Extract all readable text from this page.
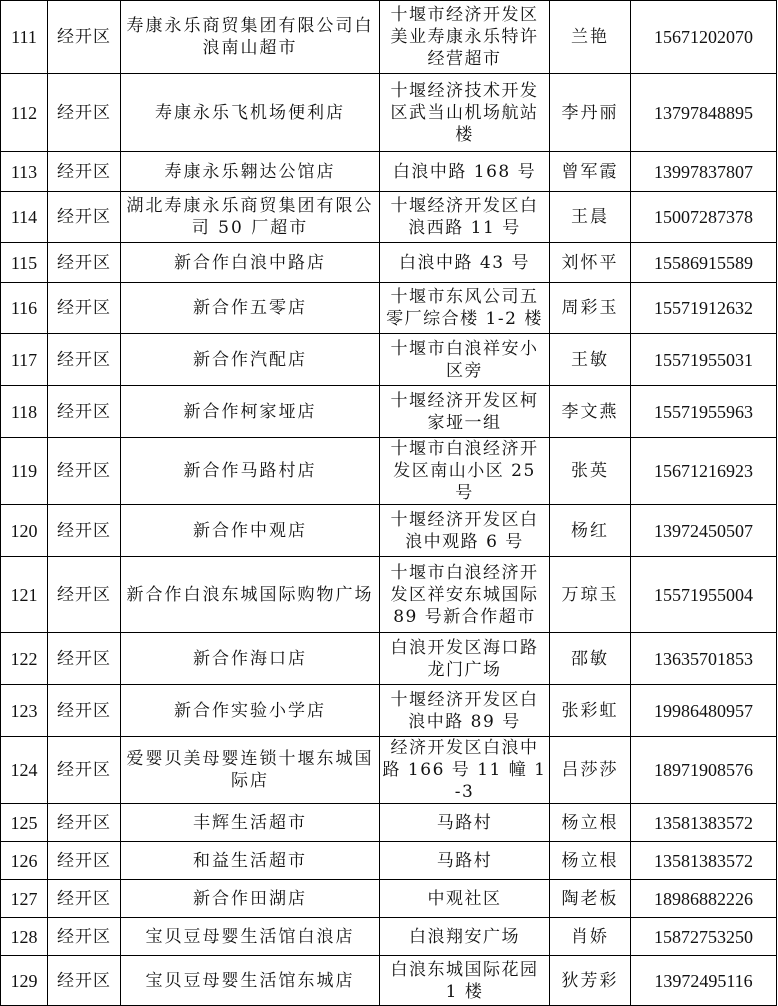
111	经开区	寿康永乐商贸集团有限公司白浪南山超市	十堰市经济开发区美业寿康永乐特许经营超市	兰艳	15671202070
112	经开区	寿康永乐飞机场便利店	十堰经济技术开发区武当山机场航站楼	李丹丽	13797848895
113	经开区	寿康永乐翱达公馆店	白浪中路 168 号	曾军霞	13997837807
114	经开区	湖北寿康永乐商贸集团有限公司 50 厂超市	十堰经济开发区白浪西路 11 号	王晨	15007287378
115	经开区	新合作白浪中路店	白浪中路 43 号	刘怀平	15586915589
116	经开区	新合作五零店	十堰市东风公司五零厂综合楼 1-2 楼	周彩玉	15571912632
117	经开区	新合作汽配店	十堰市白浪祥安小区旁	王敏	15571955031
118	经开区	新合作柯家垭店	十堰经济开发区柯家垭一组	李文燕	15571955963
119	经开区	新合作马路村店	十堰市白浪经济开发区南山小区 25 号	张英	15671216923
120	经开区	新合作中观店	十堰经济开发区白浪中观路 6 号	杨红	13972450507
121	经开区	新合作白浪东城国际购物广场	十堰市白浪经济开发区祥安东城国际 89 号新合作超市	万琼玉	15571955004
122	经开区	新合作海口店	白浪开发区海口路龙门广场	邵敏	13635701853
123	经开区	新合作实验小学店	十堰经济开发区白浪中路 89 号	张彩虹	19986480957
124	经开区	爱婴贝美母婴连锁十堰东城国际店	经济开发区白浪中路 166 号 11 幢 1-3	吕莎莎	18971908576
125	经开区	丰辉生活超市	马路村	杨立根	13581383572
126	经开区	和益生活超市	马路村	杨立根	13581383572
127	经开区	新合作田湖店	中观社区	陶老板	18986882226
128	经开区	宝贝豆母婴生活馆白浪店	白浪翔安广场	肖娇	15872753250
129	经开区	宝贝豆母婴生活馆东城店	白浪东城国际花园 1 楼	狄芳彩	13972495116
